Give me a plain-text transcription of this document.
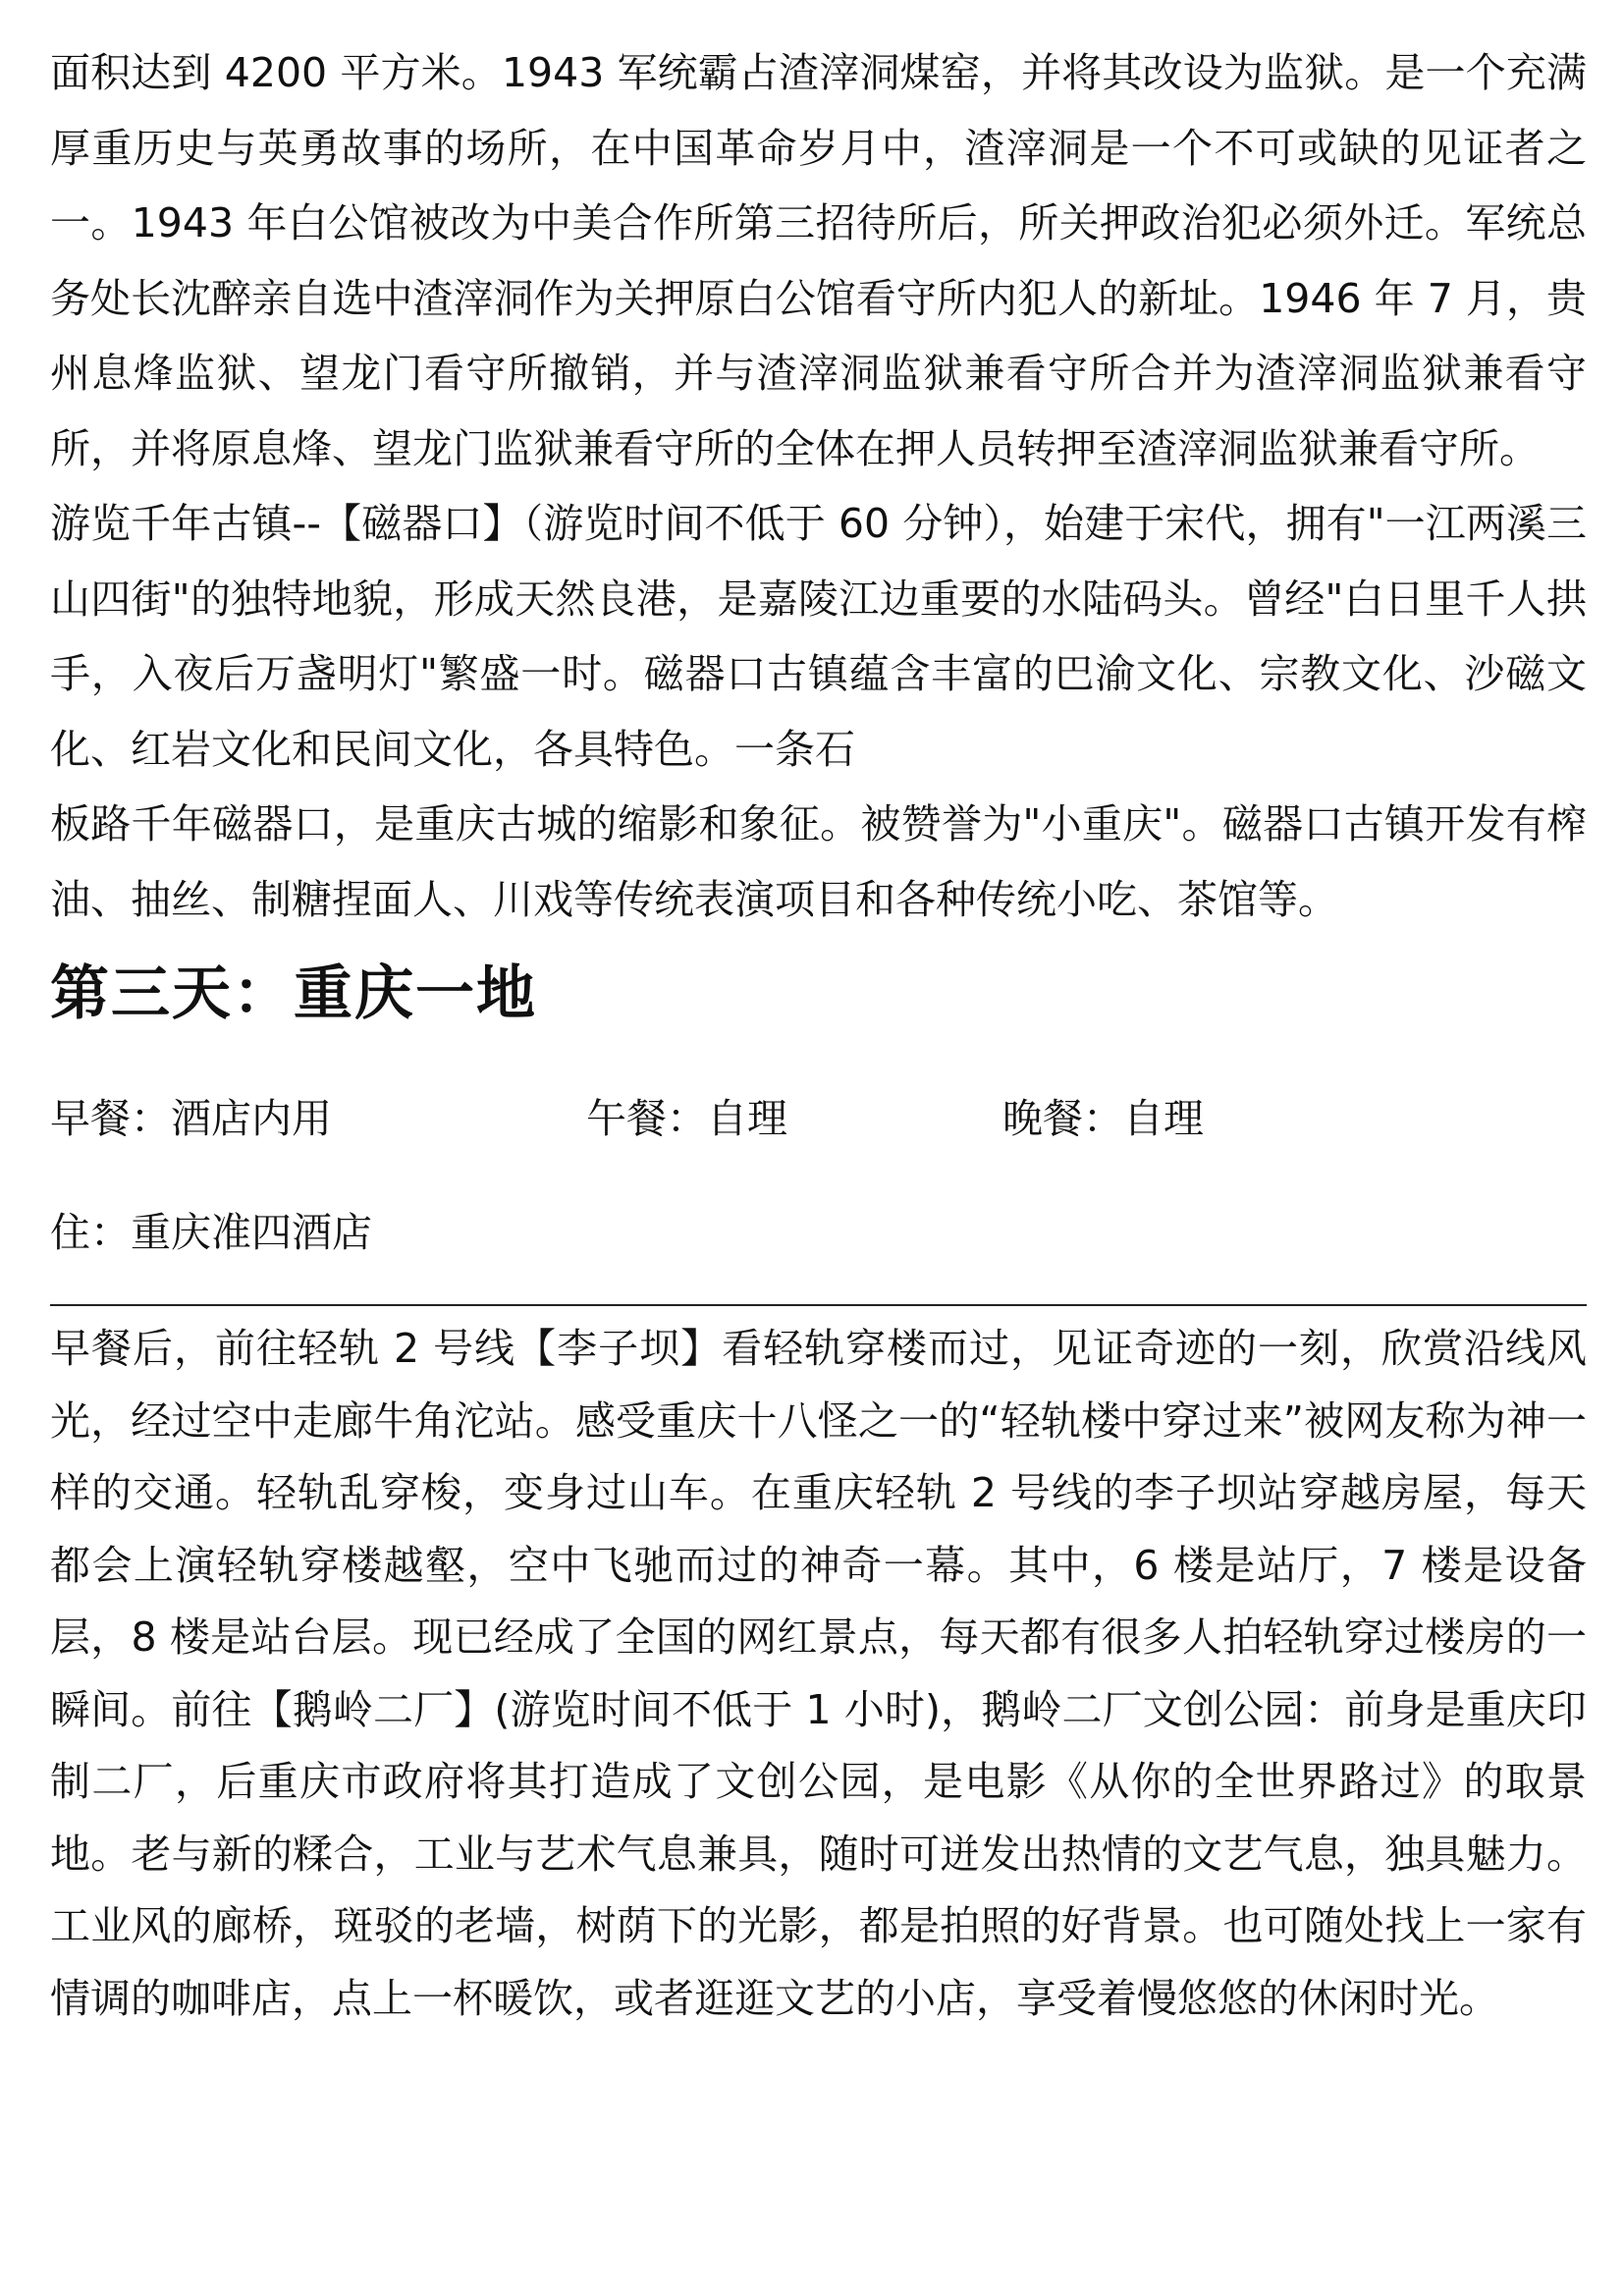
面积达到 4200 平方米。1943 军统霸占渣滓洞煤窑，并将其改设为监狱。是一个充满厚重历史与英勇故事的场所，在中国革命岁月中，渣滓洞是一个不可或缺的见证者之一。1943 年白公馆被改为中美合作所第三招待所后，所关押政治犯必须外迁。军统总务处长沈醉亲自选中渣滓洞作为关押原白公馆看守所内犯人的新址。1946 年 7 月，贵州息烽监狱、望龙门看守所撤销，并与渣滓洞监狱兼看守所合并为渣滓洞监狱兼看守所，并将原息烽、望龙门监狱兼看守所的全体在押人员转押至渣滓洞监狱兼看守所。

游览千年古镇--【磁器口】（游览时间不低于 60 分钟），始建于宋代，拥有"一江两溪三山四街"的独特地貌，形成天然良港，是嘉陵江边重要的水陆码头。曾经"白日里千人拱手，入夜后万盏明灯"繁盛一时。磁器口古镇蕴含丰富的巴渝文化、宗教文化、沙磁文化、红岩文化和民间文化，各具特色。一条石

板路千年磁器口，是重庆古城的缩影和象征。被赞誉为"小重庆"。磁器口古镇开发有榨油、抽丝、制糖捏面人、川戏等传统表演项目和各种传统小吃、茶馆等。

第三天：重庆一地
早餐：酒店内用	午餐：自理	晚餐：自理
住：重庆准四酒店

早餐后，前往轻轨 2 号线【李子坝】看轻轨穿楼而过，见证奇迹的一刻，欣赏沿线风光，经过空中走廊牛角沱站。感受重庆十八怪之一的“轻轨楼中穿过来”被网友称为神一样的交通。轻轨乱穿梭，变身过山车。在重庆轻轨 2 号线的李子坝站穿越房屋，每天都会上演轻轨穿楼越壑，空中飞驰而过的神奇一幕。其中，6 楼是站厅，7 楼是设备层，8 楼是站台层。现已经成了全国的网红景点，每天都有很多人拍轻轨穿过楼房的一瞬间。前往【鹅岭二厂】(游览时间不低于 1 小时)，鹅岭二厂文创公园：前身是重庆印制二厂，后重庆市政府将其打造成了文创公园，是电影《从你的全世界路过》的取景地。老与新的糅合，工业与艺术气息兼具，随时可迸发出热情的文艺气息，独具魅力。工业风的廊桥，斑驳的老墙，树荫下的光影，都是拍照的好背景。也可随处找上一家有情调的咖啡店，点上一杯暖饮，或者逛逛文艺的小店，享受着慢悠悠的休闲时光。
